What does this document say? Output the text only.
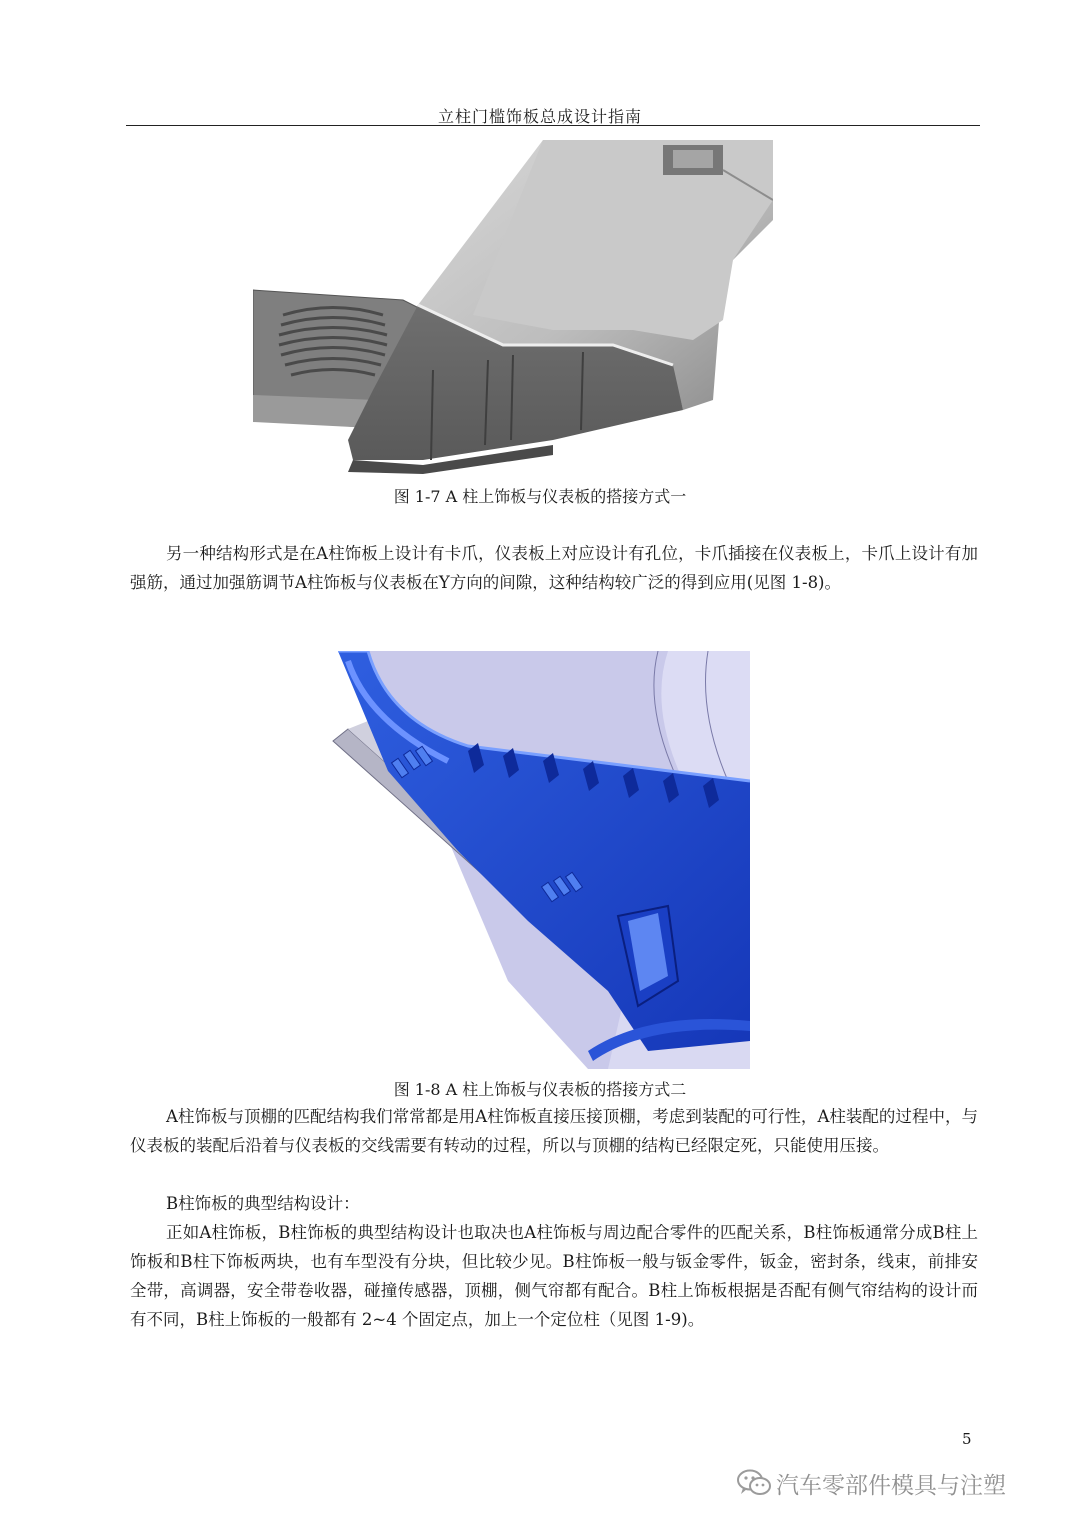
立柱门槛饰板总成设计指南
图 1-7 A 柱上饰板与仪表板的搭接方式一
另一种结构形式是在A柱饰板上设计有卡爪，仪表板上对应设计有孔位，卡爪插接在仪表板上，卡爪上设计有加强筋，通过加强筋调节A柱饰板与仪表板在Y方向的间隙，这种结构较广泛的得到应用(见图 1-8)。
图 1-8 A 柱上饰板与仪表板的搭接方式二
A柱饰板与顶棚的匹配结构我们常常都是用A柱饰板直接压接顶棚，考虑到装配的可行性，A柱装配的过程中，与仪表板的装配后沿着与仪表板的交线需要有转动的过程，所以与顶棚的结构已经限定死，只能使用压接。
B柱饰板的典型结构设计：
正如A柱饰板，B柱饰板的典型结构设计也取决也A柱饰板与周边配合零件的匹配关系，B柱饰板通常分成B柱上饰板和B柱下饰板两块，也有车型没有分块，但比较少见。B柱饰板一般与钣金零件，钣金，密封条，线束，前排安全带，高调器，安全带卷收器，碰撞传感器，顶棚，侧气帘都有配合。B柱上饰板根据是否配有侧气帘结构的设计而有不同，B柱上饰板的一般都有 2~4 个固定点，加上一个定位柱（见图 1-9)。
5
汽车零部件模具与注塑
